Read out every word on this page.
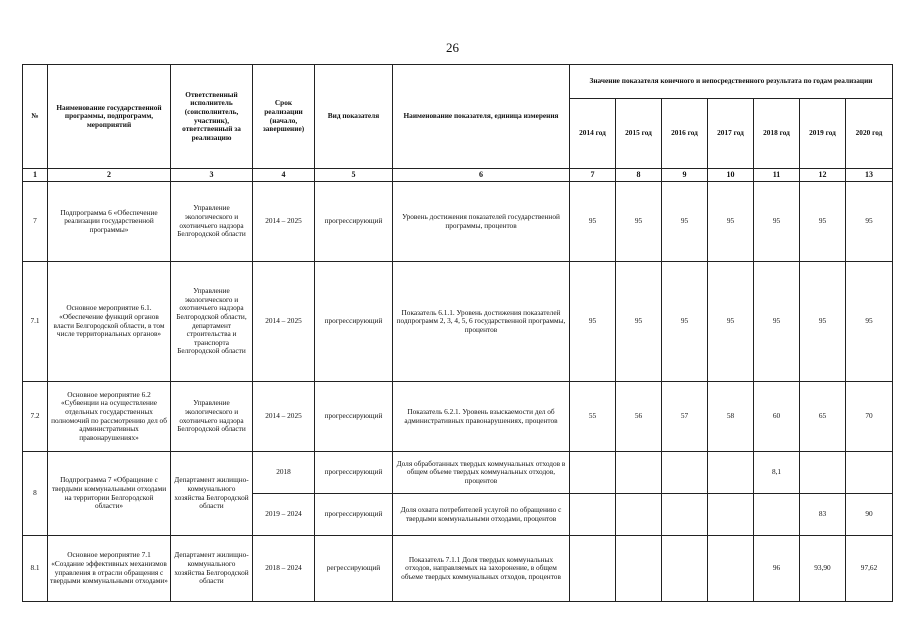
26
№	Наименование государственной программы, подпрограмм, мероприятий	Ответственный исполнитель (соисполнитель, участник), ответственный за реализацию	Срок реализации (начало, завершение)	Вид показателя	Наименование показателя, единица измерения	Значение показателя конечного и непосредственного результата по годам реализации						
						2014 год	2015 год	2016 год	2017 год	2018 год	2019 год	2020 год
1	2	3	4	5	6	7	8	9	10	11	12	13
7	Подпрограмма 6 «Обеспечение реализации государственной программы»	Управление экологического и охотничьего надзора Белгородской области	2014 – 2025	прогрессирующий	Уровень достижения показателей государственной программы, процентов	95	95	95	95	95	95	95
7.1	Основное мероприятие 6.1. «Обеспечение функций органов власти Белгородской области, в том числе территориальных органов»	Управление экологического и охотничьего надзора Белгородской области, департамент строительства и транспорта Белгородской области	2014 – 2025	прогрессирующий	Показатель 6.1.1. Уровень достижения показателей подпрограмм 2, 3, 4, 5, 6 государственной программы, процентов	95	95	95	95	95	95	95
7.2	Основное мероприятие 6.2 «Субвенции на осуществление отдельных государственных полномочий по рассмотрению дел об административных правонарушениях»	Управление экологического и охотничьего надзора Белгородской области	2014 – 2025	прогрессирующий	Показатель 6.2.1. Уровень взыскаемости дел об административных правонарушениях, процентов	55	56	57	58	60	65	70
8	Подпрограмма 7 «Обращение с твердыми коммунальными отходами на территории Белгородской области»	Департамент жилищно-коммунального хозяйства Белгородской области	2018	прогрессирующий	Доля обработанных твердых коммунальных отходов в общем объеме твердых коммунальных отходов, процентов					8,1		
			2019 – 2024	прогрессирующий	Доля охвата потребителей услугой по обращению с твердыми коммунальными отходами, процентов						83	90
8.1	Основное мероприятие 7.1 «Создание эффективных механизмов управления в отрасли обращения с твердыми коммунальными отходами»	Департамент жилищно-коммунального хозяйства Белгородской области	2018 – 2024	регрессирующий	Показатель 7.1.1 Доля твердых коммунальных отходов, направляемых на захоронение, в общем объеме твердых коммунальных отходов, процентов					96	93,90	97,62
